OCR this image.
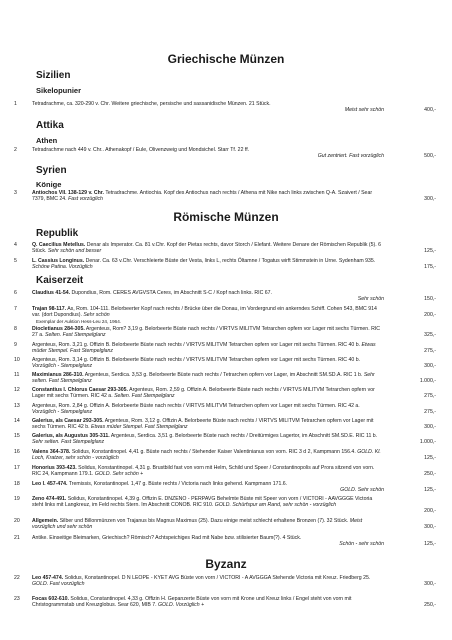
Griechische Münzen
Sizilien
Sikelopunier
1	Tetradrachme, ca. 320-290 v. Chr. Weitere griechische, persische und sassanidische Münzen. 21 Stück.

Meist sehr schön	400,-
Attika
Athen
2	Tetradrachme nach 449 v. Chr.. Athenakopf / Eule, Olivenzweig und Mondsichel. Starr Tf. 22 ff.

Gut zentriert. Fast vorzüglich	500,-
Syrien
Könige
3	Antiochos VII. 138-129 v. Chr. Tetradrachme. Antiochia. Kopf des Antiochus nach rechts / Athena mit Nike nach links zwischen Q-A. Szaivert / Sear 7379, BMC 24. Fast vorzüglich	300,-
Römische Münzen
Republik
4	Q. Caecilius Metellus. Denar als Imperator. Ca. 81 v.Chr. Kopf der Pietas rechts, davor Storch / Elefant. Weitere Denare der Römischen Republik (5). 6 Stück. Sehr schön und besser	125,-
5	L. Cassius Longinus. Denar. Ca. 63 v.Chr. Verschleierte Büste der Vesta, links L, rechts Öltamne / Togatus wirft Stimmstein in Urne. Sydenham 935. Schöne Patina. Vorzüglich	175,-
Kaiserzeit
6	Claudius 41-54. Dupondius, Rom. CERES AVGVSTA Ceres, im Abschnitt S·C / Kopf nach links. RIC 67.

Sehr schön	150,-
7	Trajan 98-117. As, Rom. 104-111. Belorbeerter Kopf nach rechts / Brücke über die Donau, im Vordergrund ein ankerndes Schiff. Cohen 543, BMC 914 var. (dort Dupondius). Sehr schön	200,-
Exemplar der Auktion Hess-Leu 24, 1964.
8	Diocletianus 284-305. Argenteus, Rom? 3,19 g. Belorbeerte Büste nach rechts / VIRTVS MILITVM Tetrarchen opfern vor Lager mit sechs Türmen. RIC 27 a. Selten. Fast Stempelglanz	325,-
9	Argenteus, Rom. 3,21 g. Offizin B. Belorbeerte Büste nach rechts / VIRTVS MILITVM Tetrarchen opfern vor Lager mit sechs Türmen. RIC 40 b. Etwas müder Stempel. Fast Stempelglanz	275,-
10	Argenteus, Rom. 3,14 g. Offizin B. Belorbeerte Büste nach rechts / VIRTVS MILITVM Tetrarchen opfern vor Lager mit sechs Türmen. RIC 40 b. Vorzüglich - Stempelglanz	300,-
11	Maximianus 286-310. Argenteus, Serdica. 3,53 g. Belorbeerte Büste nach rechts / Tetrarchen opfern vor Lager, im Abschnitt SM.SD.A. RIC 1 b. Sehr selten. Fast Stempelglanz	1.000,-
12	Constantius I. Chlorus Caesar 293-305. Argenteus, Rom. 2,59 g. Offizin A. Belorbeerte Büste nach rechts / VIRTVS MILITVM Tetrarchen opfern vor Lager mit sechs Türmen. RIC 42 a. Selten. Fast Stempelglanz	275,-
13	Argenteus, Rom. 2,84 g. Offizin A. Belorbeerte Büste nach rechts / VIRTVS MILITVM Tetrarchen opfern vor Lager mit sechs Türmen. RIC 42 a. Vorzüglich - Stempelglanz	275,-
14	Galerius, als Caesar 293-305. Argenteus, Rom. 3,12 g. Offizin A. Belorbeerte Büste nach rechts / VIRTVS MILITVM Tetrarchen opfern vor Lager mit sechs Türmen. RIC 42 b. Etwas müder Stempel. Fast Stempelglanz	300,-
15	Galerius, als Augustus 305-311. Argenteus, Serdica. 3,51 g. Belorbeerte Büste nach rechts / Dreitürmiges Lagertor, im Abschnitt SM.SD.E. RIC 11 b. Sehr selten. Fast Stempelglanz	1.000,-
16	Valens 364-378. Solidus, Konstantinopel. 4,41 g. Büste nach rechts / Stehender Kaiser Valentinianus von vorn. RIC 3 d 2, Kampmann 156.4. GOLD. Kl. Loch, Kratzer, sehr schön - vorzüglich	125,-
17	Honorius 393-423. Solidus, Konstantinopel. 4,31 g. Brustbild fast von vorn mit Helm, Schild und Speer / Constantinopolis auf Prora sitzend von vorn. RIC 24, Kampmann 179.1. GOLD. Sehr schön +	250,-
18	Leo I. 457-474. Tremissis, Konstantinopel. 1,47 g. Büste rechts / Victoria nach links gehend. Kampmann 171.6.

GOLD. Sehr schön	125,-
19	Zeno 474-491. Solidus, Konstantinopel. 4,39 g. Offizin E. DNZENO - PERPAVG Behelmte Büste mit Speer von vorn / VICTORI - AAVGGGE Victoria steht links mit Langkreuz, im Feld rechts Stern. Im Abschnitt CONOB. RIC 910. GOLD. Schürfspur am Rand, sehr schön - vorzüglich
200,-
20	Allgemein. Silber und Billonmünzen von Trajanus bis Magnus Maximus (25). Dazu einige meist schlecht erhaltene Bronzen (7). 32 Stück. Meist vorzüglich und sehr schön	300,-
21	Antike. Einseitige Bleimarken, Griechisch? Römisch? Achtspeichiges Rad mit Nabe bzw. stilisierter Baum(?). 4 Stück.

Schön - sehr schön	125,-
Byzanz
22	Leo 457-474. Solidus, Konstantinopel. D N LEOPE - KYET AVG Büste von vorn / VICTORI - A AVGGGA Stehende Victoria mit Kreuz. Friedberg 25. GOLD. Fast vorzüglich	300,-
23	Focas 602-610. Solidus, Constantinopel. 4,33 g. Offizin H. Gepanzerte Büste von vorn mit Krone und Kreuz links / Engel steht von vorn mit Christogrammstab und Kreuzglobus. Sear 620, MIB 7. GOLD. Vorzüglich +	250,-
